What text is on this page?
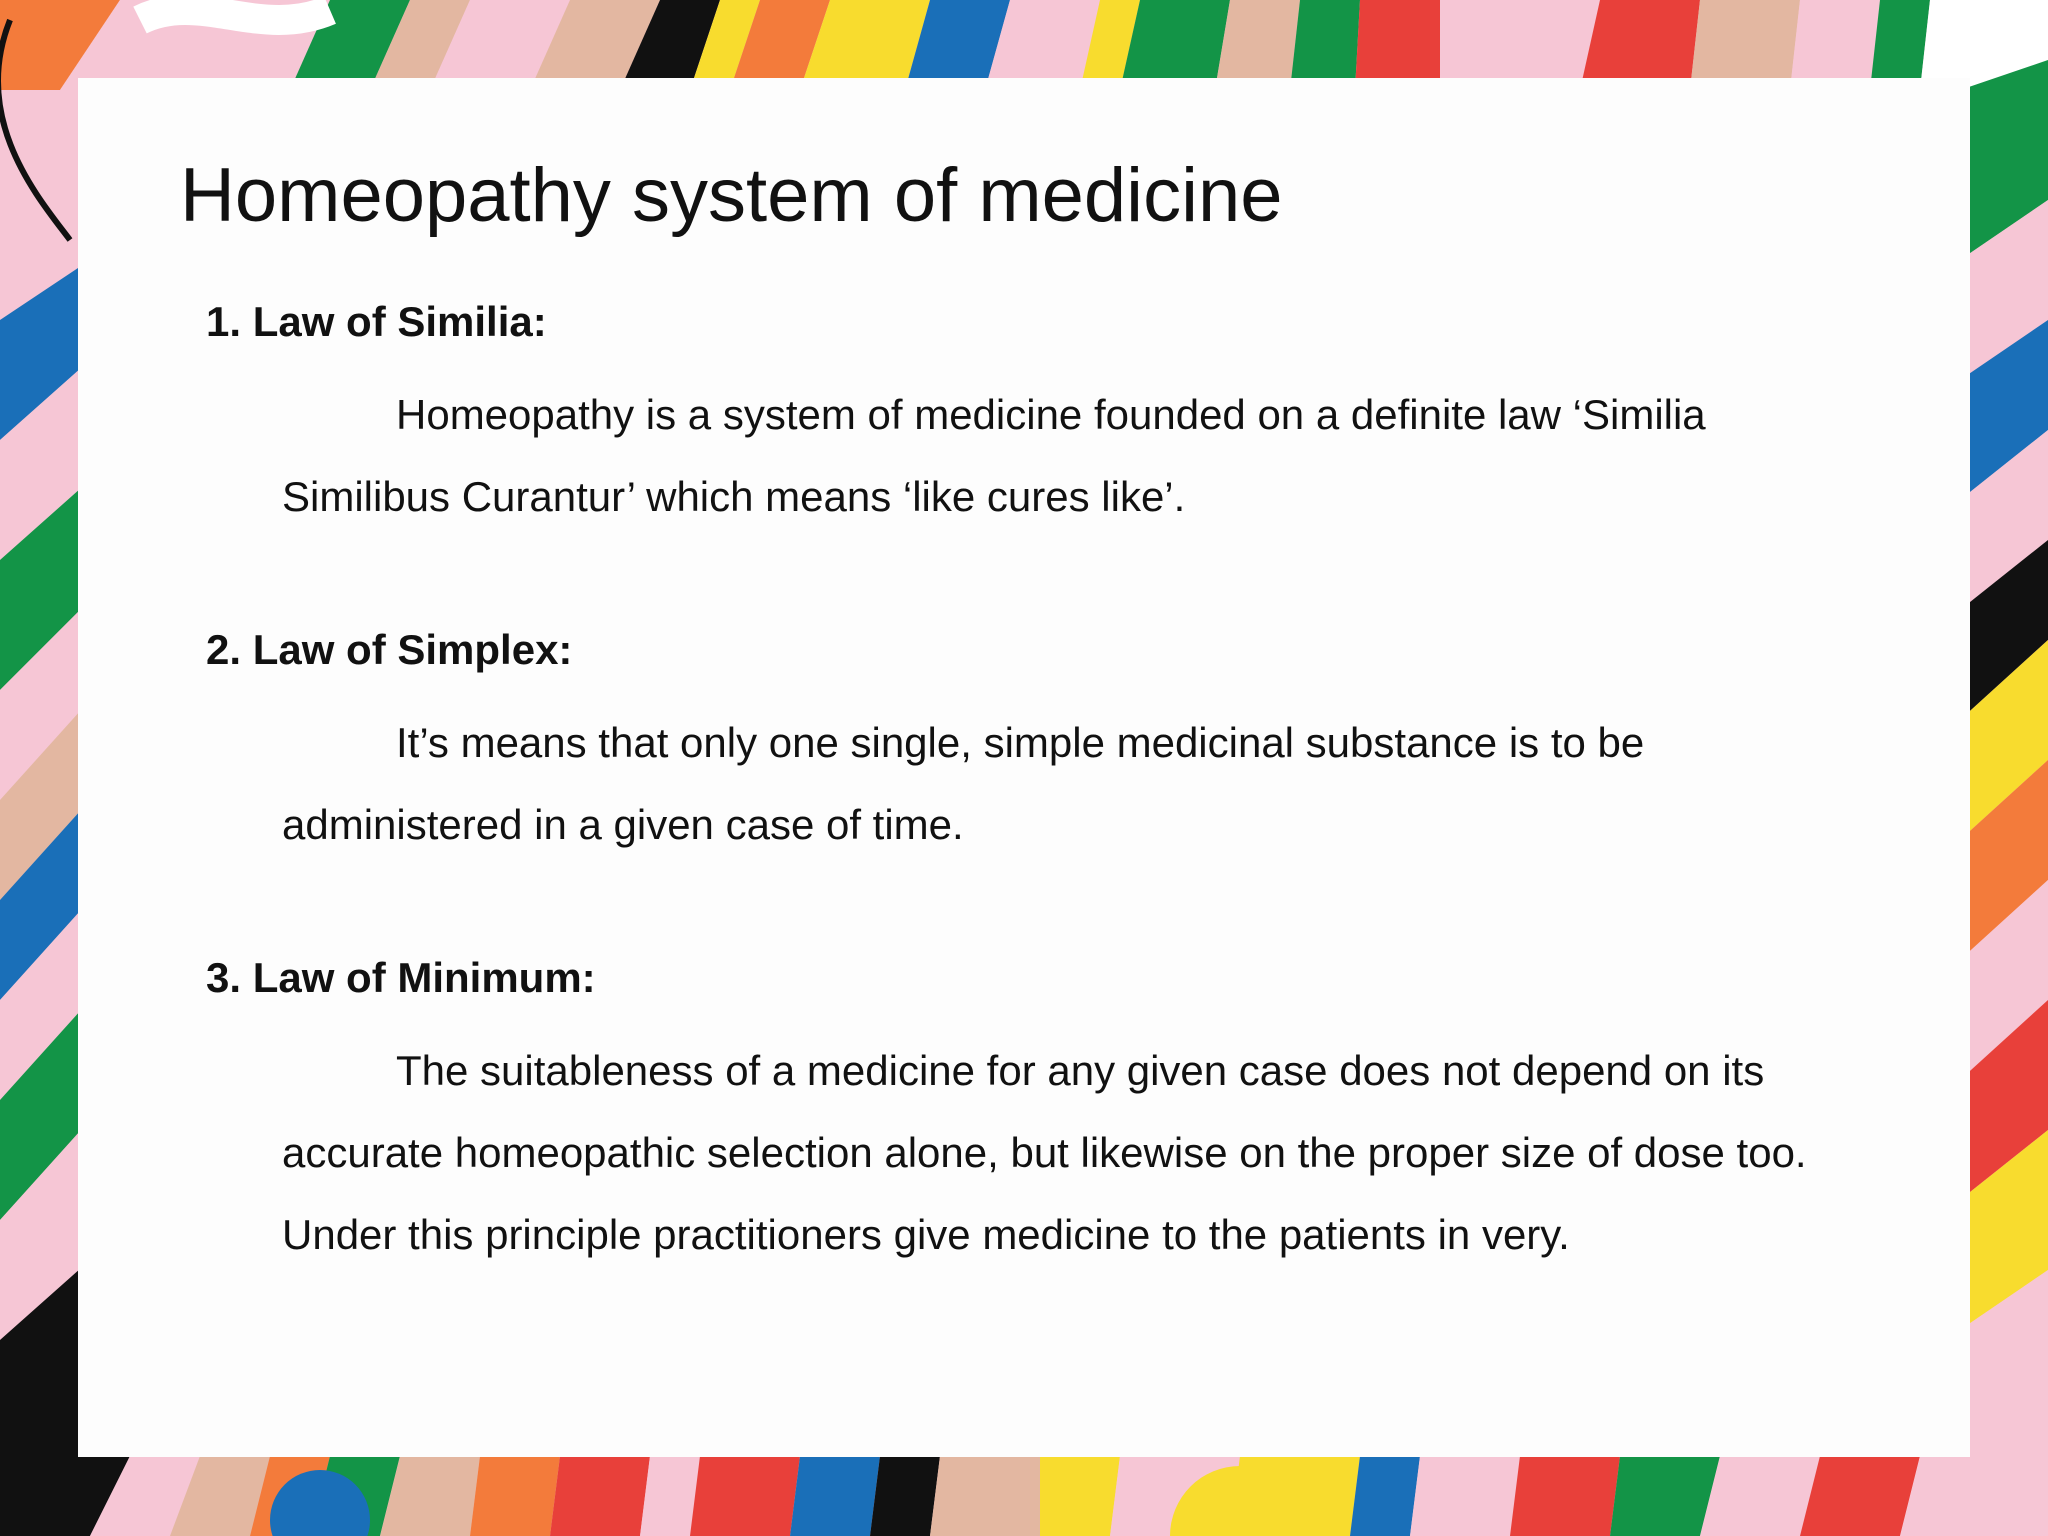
Homeopathy system of medicine

1. Law of Similia:

Homeopathy is a system of medicine founded on a definite law ‘Similia Similibus Curantur’ which means ‘like cures like’.

2. Law of Simplex:

It’s means that only one single, simple medicinal substance is to be administered in a given case of time.

3. Law of Minimum:

The suitableness of a medicine for any given case does not depend on its accurate homeopathic selection alone, but likewise on the proper size of dose too. Under this principle practitioners give medicine to the patients in very.
